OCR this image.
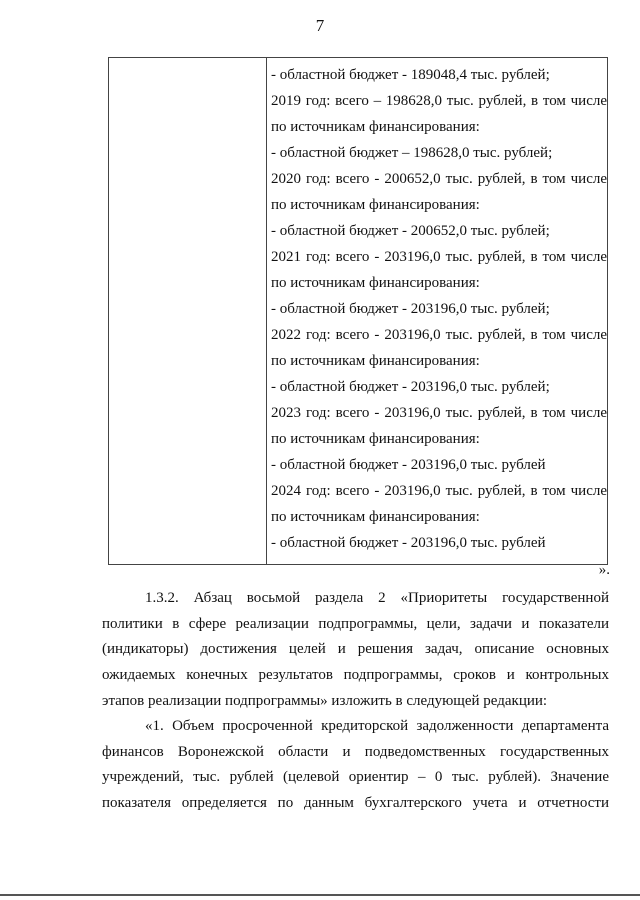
7
- областной бюджет - 189048,4 тыс. рублей;
2019 год: всего – 198628,0 тыс. рублей, в том числе
по источникам финансирования:
- областной бюджет – 198628,0 тыс. рублей;
2020 год: всего - 200652,0 тыс. рублей, в том числе
по источникам финансирования:
- областной бюджет - 200652,0 тыс. рублей;
2021 год: всего - 203196,0 тыс. рублей, в том числе
по источникам финансирования:
- областной бюджет - 203196,0 тыс. рублей;
2022 год: всего - 203196,0 тыс. рублей, в том числе
по источникам финансирования:
- областной бюджет - 203196,0 тыс. рублей;
2023 год: всего - 203196,0 тыс. рублей, в том числе
по источникам финансирования:
- областной бюджет - 203196,0 тыс. рублей
2024 год: всего - 203196,0 тыс. рублей, в том числе
по источникам финансирования:
- областной бюджет - 203196,0 тыс. рублей
».
1.3.2. Абзац восьмой раздела 2 «Приоритеты государственной
политики в сфере реализации подпрограммы, цели, задачи и показатели
(индикаторы) достижения целей и решения задач, описание основных
ожидаемых конечных результатов подпрограммы, сроков и контрольных
этапов реализации подпрограммы» изложить в следующей редакции:
«1. Объем просроченной кредиторской задолженности департамента
финансов Воронежской области и подведомственных государственных
учреждений, тыс. рублей (целевой ориентир – 0 тыс. рублей). Значение
показателя определяется по данным бухгалтерского учета и отчетности
